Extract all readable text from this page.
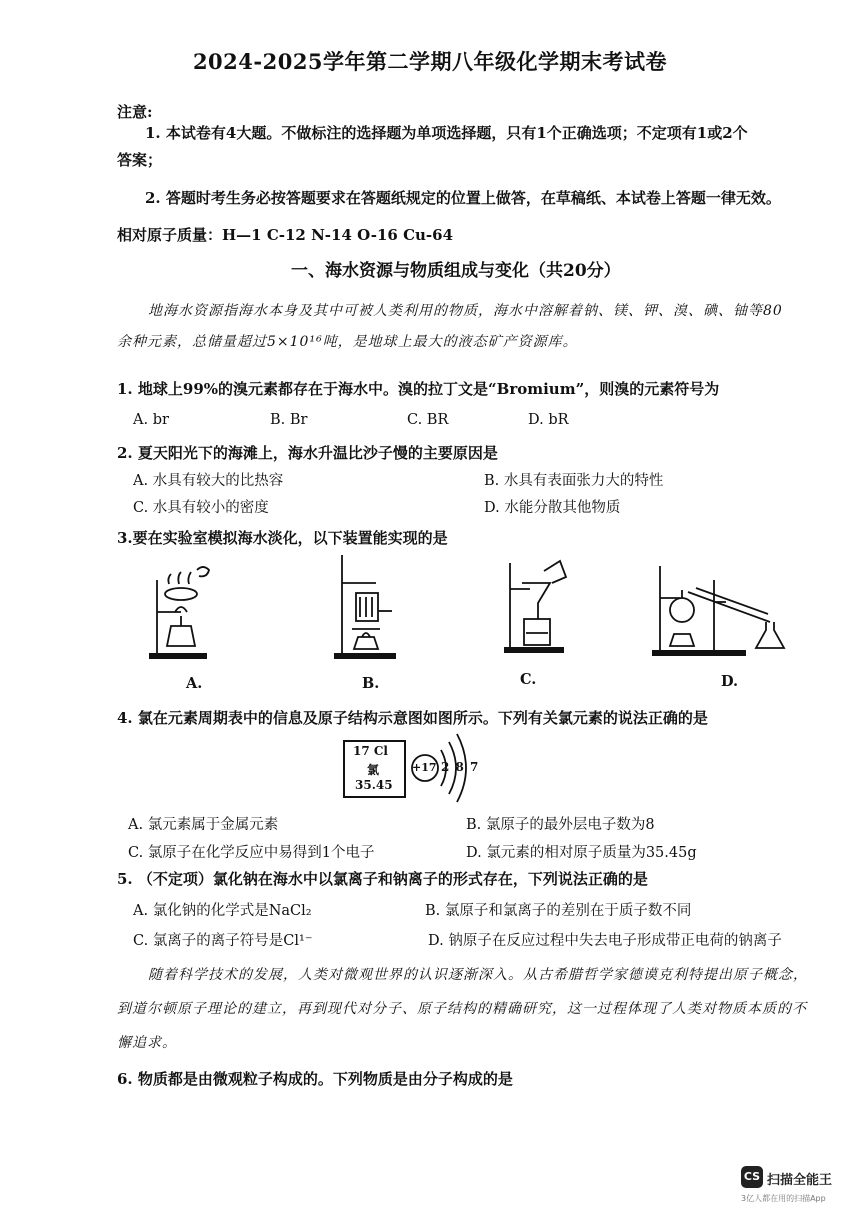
2024-2025学年第二学期八年级化学期末考试卷
注意:
1. 本试卷有4大题。不做标注的选择题为单项选择题，只有1个正确选项；不定项有1或2个
答案；
2. 答题时考生务必按答题要求在答题纸规定的位置上做答，在草稿纸、本试卷上答题一律无效。
相对原子质量：H—1 C-12 N-14 O-16 Cu-64
一、海水资源与物质组成与变化（共20分）
地海水资源指海水本身及其中可被人类利用的物质，海水中溶解着钠、镁、钾、溴、碘、铀等80
余种元素，总储量超过5×10¹⁶吨，是地球上最大的液态矿产资源库。
1. 地球上99%的溴元素都存在于海水中。溴的拉丁文是“Bromium”，则溴的元素符号为
A. br	B. Br	C. BR	D. bR
2. 夏天阳光下的海滩上，海水升温比沙子慢的主要原因是
A. 水具有较大的比热容	B. 水具有表面张力大的特性
C. 水具有较小的密度	D. 水能分散其他物质
3.要在实验室模拟海水淡化，以下装置能实现的是
A.	B.	C.	D.
4. 氯在元素周期表中的信息及原子结构示意图如图所示。下列有关氯元素的说法正确的是
17 Cl
氯
35.45
+17 2 8 7
A. 氯元素属于金属元素	B. 氯原子的最外层电子数为8
C. 氯原子在化学反应中易得到1个电子	D. 氯元素的相对原子质量为35.45g
5. （不定项）氯化钠在海水中以氯离子和钠离子的形式存在，下列说法正确的是
A. 氯化钠的化学式是NaCl₂	B. 氯原子和氯离子的差别在于质子数不同
C. 氯离子的离子符号是Cl¹⁻	D. 钠原子在反应过程中失去电子形成带正电荷的钠离子
随着科学技术的发展，人类对微观世界的认识逐渐深入。从古希腊哲学家德谟克利特提出原子概念，
到道尔顿原子理论的建立，再到现代对分子、原子结构的精确研究，这一过程体现了人类对物质本质的不
懈追求。
6. 物质都是由微观粒子构成的。下列物质是由分子构成的是
CS 扫描全能王
3亿人都在用的扫描App
